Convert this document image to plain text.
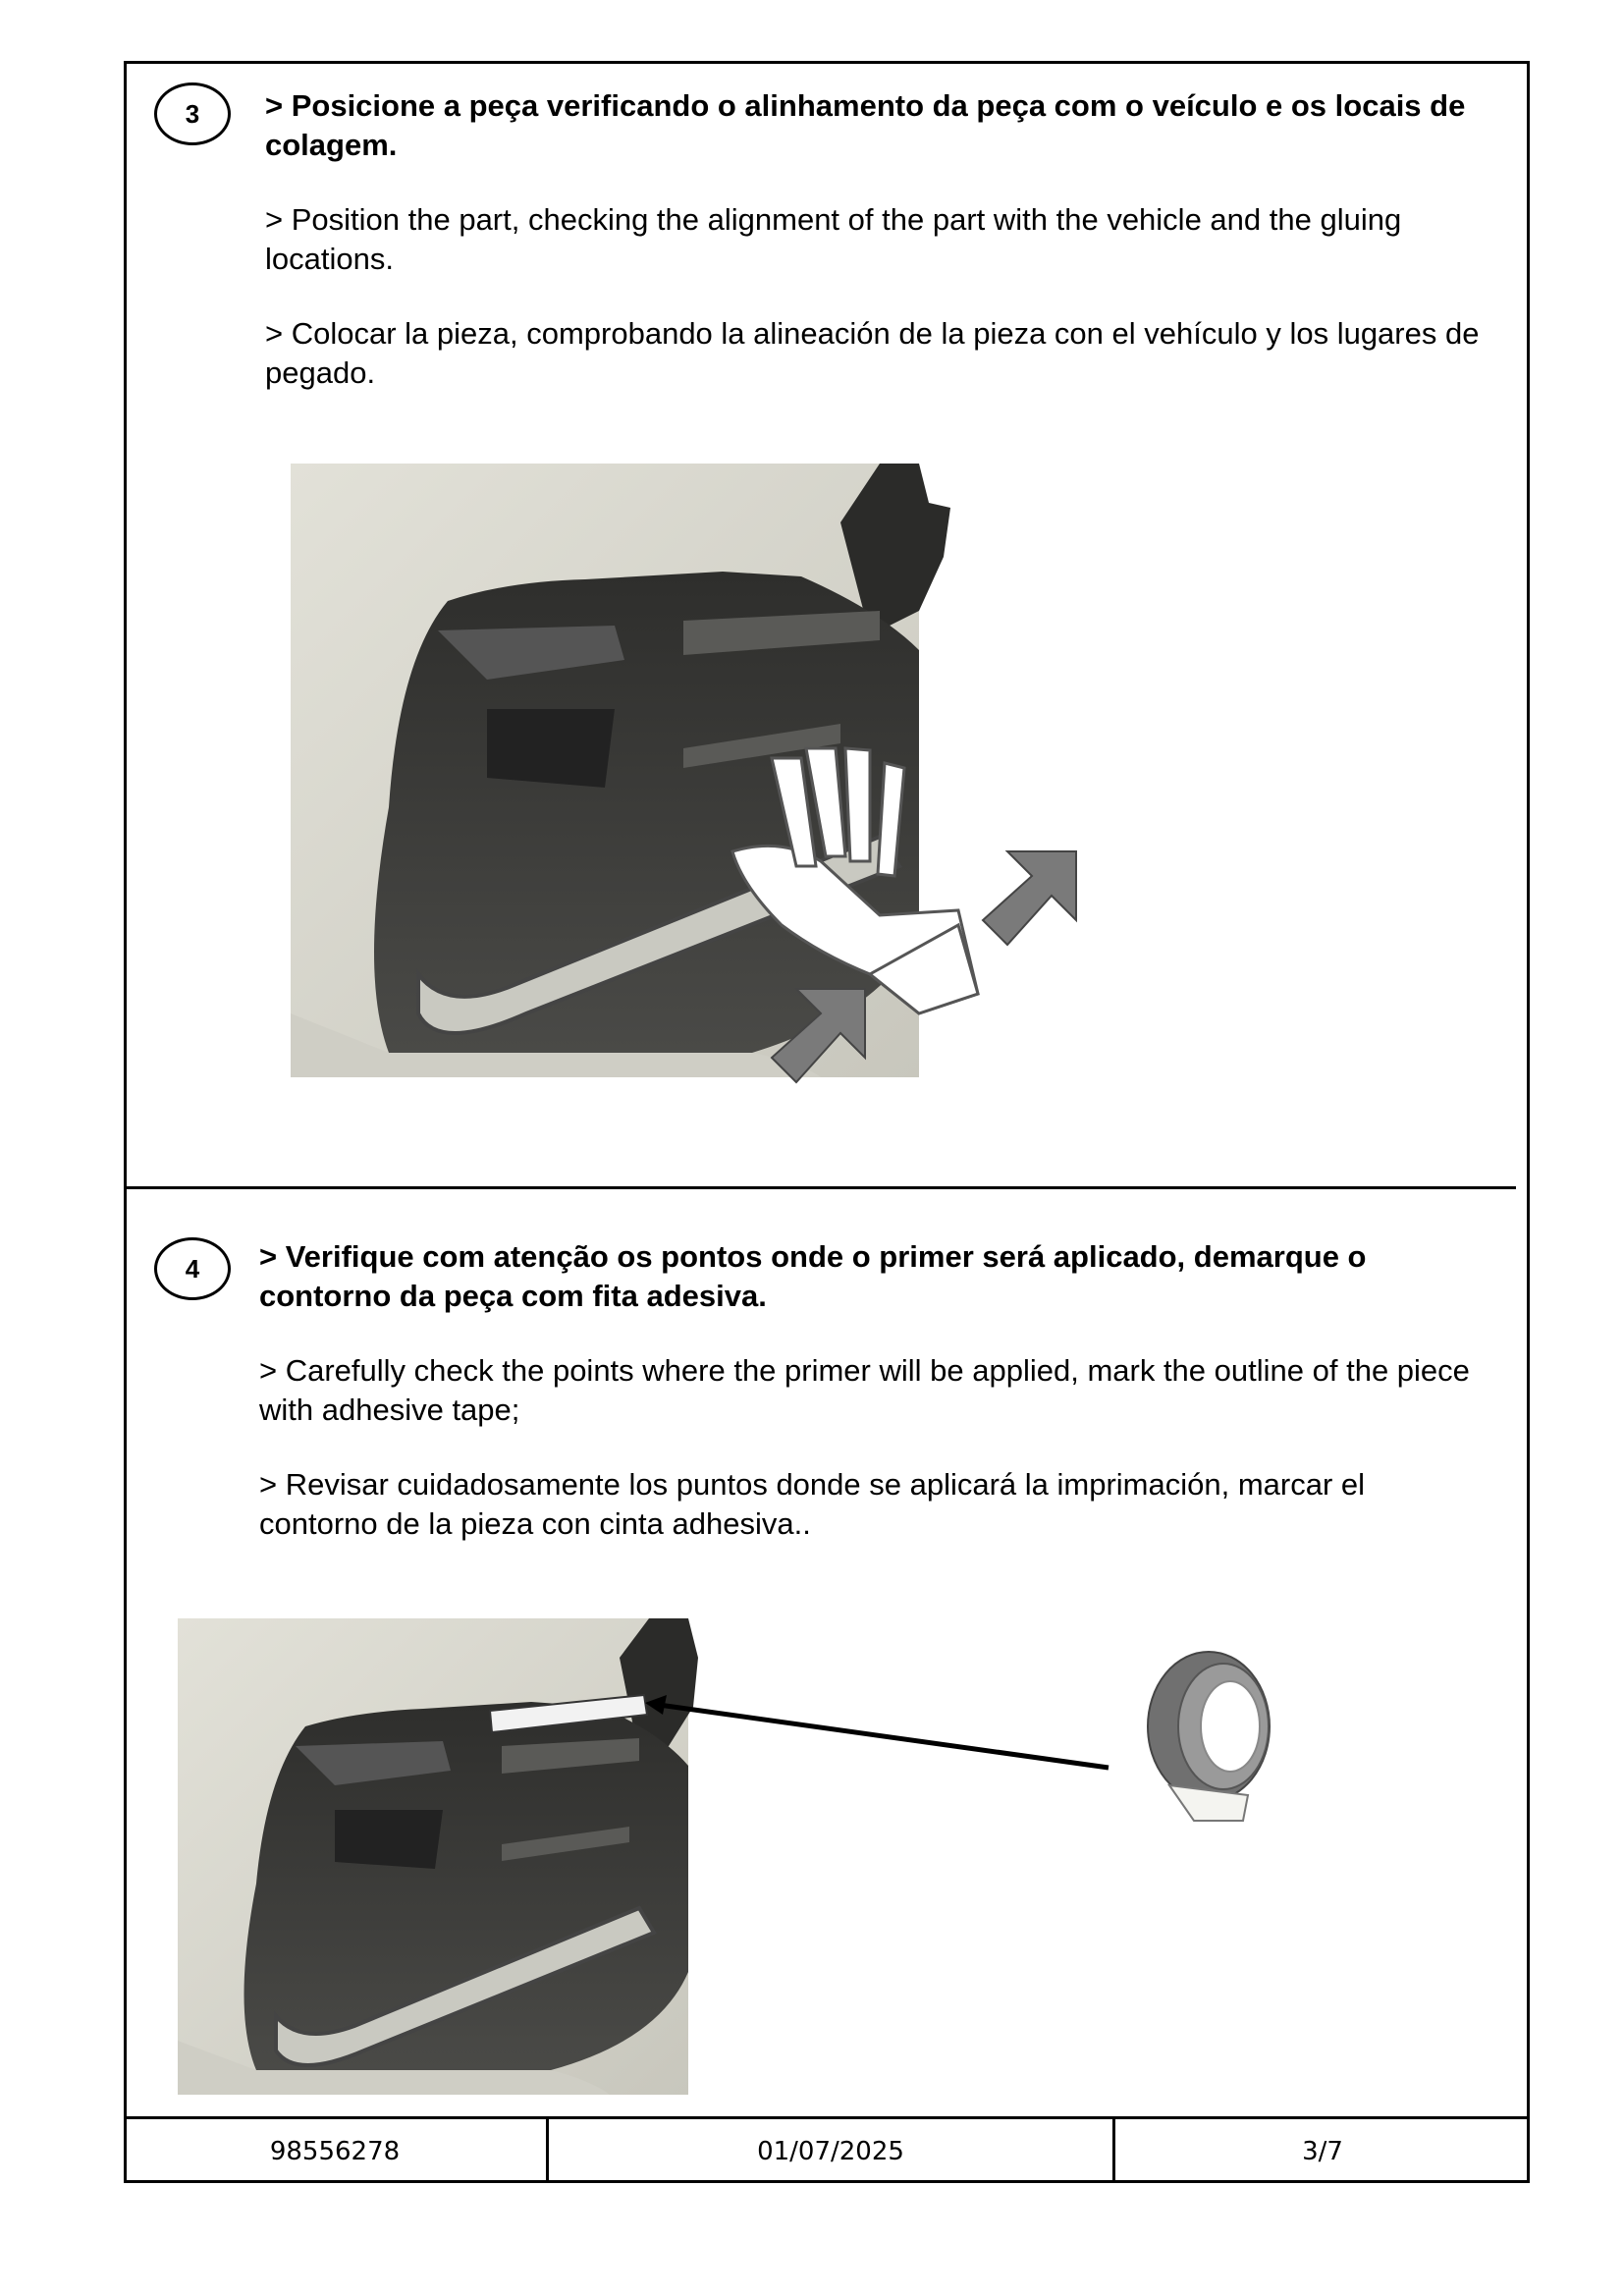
3	> Posicione a peça verificando o alinhamento da peça com o veículo e os locais de colagem.

> Position the part, checking the alignment of the part with the vehicle and the gluing locations.

> Colocar la pieza, comprobando la alineación de la pieza con el vehículo y los lugares de pegado.

4	> Verifique com atenção os pontos onde o primer será aplicado, demarque o contorno da peça com fita adesiva.

> Carefully check the points where the primer will be applied, mark the outline of the piece with adhesive tape;

> Revisar cuidadosamente los puntos donde se aplicará la imprimación, marcar el contorno de la pieza con cinta adhesiva..

98556278	01/07/2025	3/7
